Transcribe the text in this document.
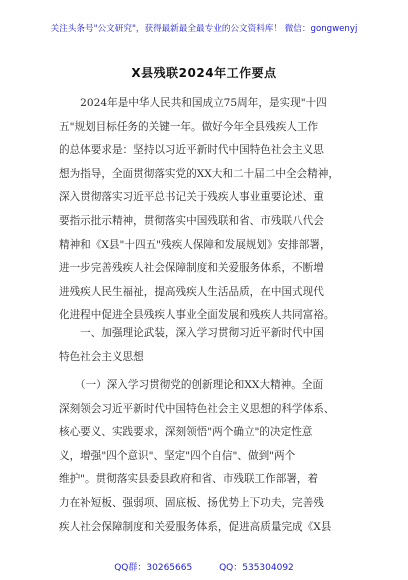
关注头条号"公文研究"，获得最新最全最专业的公文资料库！ 微信：gongwenyj
X县残联2024年工作要点
　　2024年是中华人民共和国成立75周年，是实现"十四
五"规划目标任务的关键一年。做好今年全县残疾人工作
的总体要求是：坚持以习近平新时代中国特色社会主义思
想为指导，全面贯彻落实党的XX大和二十届二中全会精神，
深入贯彻落实习近平总书记关于残疾人事业重要论述、重
要指示批示精神，贯彻落实中国残联和省、市残联八代会
精神和《X县"十四五"残疾人保障和发展规划》安排部署，
进一步完善残疾人社会保障制度和关爱服务体系，不断增
进残疾人民生福祉，提高残疾人生活品质，在中国式现代
化进程中促进全县残疾人事业全面发展和残疾人共同富裕。
　　一、加强理论武装，深入学习贯彻习近平新时代中国
特色社会主义思想
　　（一）深入学习贯彻党的创新理论和XX大精神。全面
深刻领会习近平新时代中国特色社会主义思想的科学体系、
核心要义、实践要求，深刻领悟"两个确立"的决定性意
义，增强"四个意识"、坚定"四个自信"、做到"两个
维护"。贯彻落实县委县政府和省、市残联工作部署，着
力在补短板、强弱项、固底板、扬优势上下功夫，完善残
疾人社会保障制度和关爱服务体系，促进高质量完成《X县
QQ群：30265665	QQ：535304092
